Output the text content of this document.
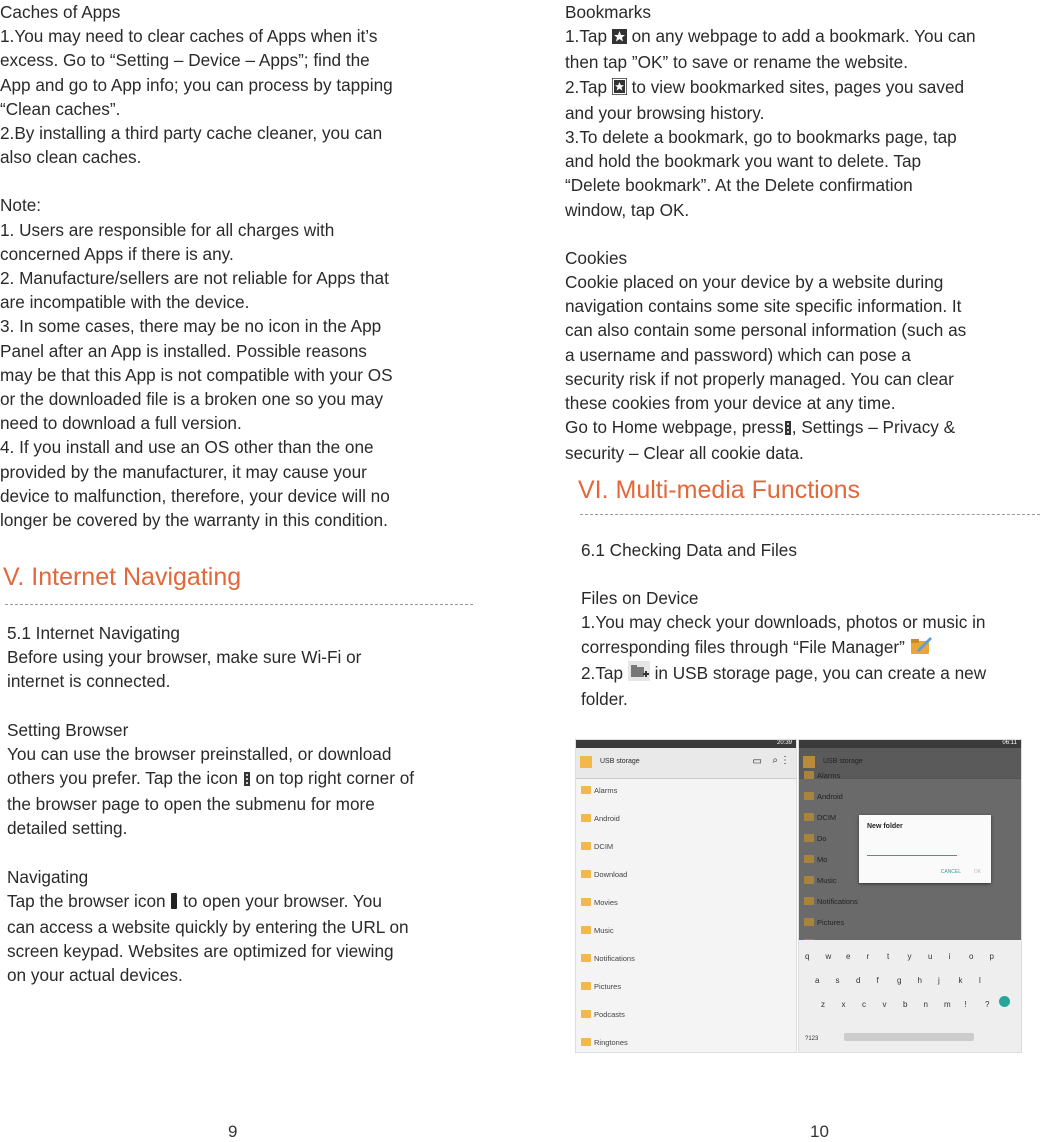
Caches of Apps

1.You may need to clear caches of Apps when it’s
excess. Go to “Setting – Device – Apps”; find the
App and go to App info; you can process by tapping
“Clean caches”.

2.By installing a third party cache cleaner, you can
also clean caches.

Note:

1. Users are responsible for all charges with
concerned Apps if there is any.

2. Manufacture/sellers are not reliable for Apps that
are incompatible with the device.

3. In some cases, there may be no icon in the App
Panel after an App is installed. Possible reasons
may be that this App is not compatible with your OS
or the downloaded file is a broken one so you may
need to download a full version.

4. If you install and use an OS other than the one
provided by the manufacturer, it may cause your
device to malfunction, therefore, your device will no
longer be covered by the warranty in this condition.

V. Internet Navigating

5.1 Internet Navigating

Before using your browser, make sure Wi-Fi or
internet is connected.

Setting Browser

You can use the browser preinstalled, or download
others you prefer. Tap the icon  on top right corner of
the browser page to open the submenu for more
detailed setting.

Navigating

Tap the browser icon  to open your browser. You
can access a website quickly by entering the URL on
screen keypad. Websites are optimized for viewing
on your actual devices.

9

Bookmarks

1.Tap  on any webpage to add a bookmark. You can
then tap ”OK” to save or rename the website.

2.Tap  to view bookmarked sites, pages you saved
and your browsing history.

3.To delete a bookmark, go to bookmarks page, tap
and hold the bookmark you want to delete. Tap
“Delete bookmark”. At the Delete confirmation
window, tap OK.

Cookies

Cookie placed on your device by a website during
navigation contains some site specific information. It
can also contain some personal information (such as
a username and password) which can pose a
security risk if not properly managed. You can clear
these cookies from your device at any time.

Go to Home webpage, press , Settings – Privacy &
security – Clear all cookie data.

VI. Multi-media Functions

6.1 Checking Data and Files

Files on Device

1.You may check your downloads, photos or music in
corresponding files through “File Manager”

2.Tap  in USB storage page, you can create a new
folder.

20:39
USB storage	▭ ⌕ ⋮
Alarms
Android
DCIM
Download
Movies
Music
Notifications
Pictures
Podcasts
Ringtones
06:11
USB storage
Alarms
Android
DCIM
Do
Mo
Music
Notifications
Pictures
New folder
CANCEL	OK
q w e r t y u i o p
a s d f g h j k l
z x c v b n m ! ?
?123
10
